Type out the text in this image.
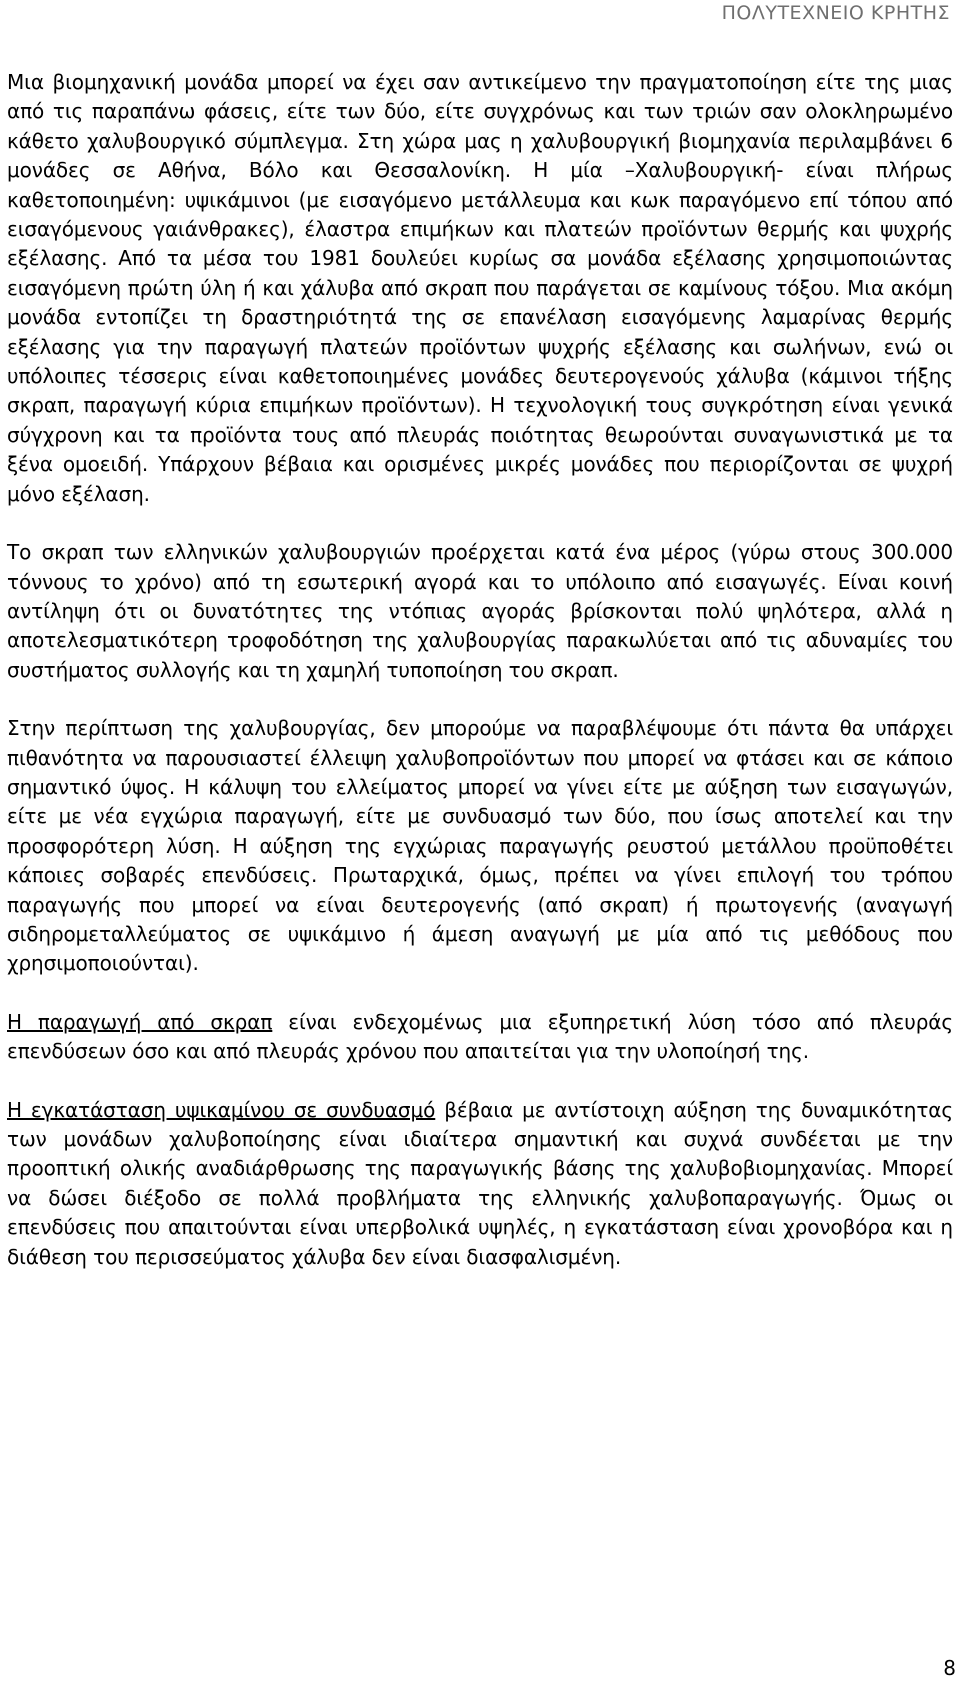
ΠΟΛΥΤΕΧΝΕΙΟ ΚΡΗΤΗΣ

Μια βιομηχανική μονάδα μπορεί να έχει σαν αντικείμενο την πραγματοποίηση είτε της μιας από τις παραπάνω φάσεις, είτε των δύο, είτε συγχρόνως και των τριών σαν ολοκληρωμένο κάθετο χαλυβουργικό σύμπλεγμα. Στη χώρα μας η χαλυβουργική βιομηχανία περιλαμβάνει 6 μονάδες σε Αθήνα, Βόλο και Θεσσαλονίκη. Η μία –Χαλυβουργική- είναι πλήρως καθετοποιημένη: υψικάμινοι (με εισαγόμενο μετάλλευμα και κωκ παραγόμενο επί τόπου από εισαγόμενους γαιάνθρακες), έλαστρα επιμήκων και πλατεών προϊόντων θερμής και ψυχρής εξέλασης. Από τα μέσα του 1981 δουλεύει κυρίως σα μονάδα εξέλασης χρησιμοποιώντας εισαγόμενη πρώτη ύλη ή και χάλυβα από σκραπ που παράγεται σε καμίνους τόξου. Μια ακόμη μονάδα εντοπίζει τη δραστηριότητά της σε επανέλαση εισαγόμενης λαμαρίνας θερμής εξέλασης για την παραγωγή πλατεών προϊόντων ψυχρής εξέλασης και σωλήνων, ενώ οι υπόλοιπες τέσσερις είναι καθετοποιημένες μονάδες δευτερογενούς χάλυβα (κάμινοι τήξης σκραπ, παραγωγή κύρια επιμήκων προϊόντων). Η τεχνολογική τους συγκρότηση είναι γενικά σύγχρονη και τα προϊόντα τους από πλευράς ποιότητας θεωρούνται συναγωνιστικά με τα ξένα ομοειδή. Υπάρχουν βέβαια και ορισμένες μικρές μονάδες που περιορίζονται σε ψυχρή μόνο εξέλαση.

Το σκραπ των ελληνικών χαλυβουργιών προέρχεται κατά ένα μέρος (γύρω στους 300.000 τόννους το χρόνο) από τη εσωτερική αγορά και το υπόλοιπο από εισαγωγές. Είναι κοινή αντίληψη ότι οι δυνατότητες της ντόπιας αγοράς βρίσκονται πολύ ψηλότερα, αλλά η αποτελεσματικότερη τροφοδότηση της χαλυβουργίας παρακωλύεται από τις αδυναμίες του συστήματος συλλογής και τη χαμηλή τυποποίηση του σκραπ.

Στην περίπτωση της χαλυβουργίας, δεν μπορούμε να παραβλέψουμε ότι πάντα θα υπάρχει πιθανότητα να παρουσιαστεί έλλειψη χαλυβοπροϊόντων που μπορεί να φτάσει και σε κάποιο σημαντικό ύψος. Η κάλυψη του ελλείματος μπορεί να γίνει είτε με αύξηση των εισαγωγών, είτε με νέα εγχώρια παραγωγή, είτε με συνδυασμό των δύο, που ίσως αποτελεί και την προσφορότερη λύση. Η αύξηση της εγχώριας παραγωγής ρευστού μετάλλου προϋποθέτει κάποιες σοβαρές επενδύσεις. Πρωταρχικά, όμως, πρέπει να γίνει επιλογή του τρόπου παραγωγής που μπορεί να είναι δευτερογενής (από σκραπ) ή πρωτογενής (αναγωγή σιδηρομεταλλεύματος σε υψικάμινο ή άμεση αναγωγή με μία από τις μεθόδους που χρησιμοποιούνται).

Η παραγωγή από σκραπ είναι ενδεχομένως μια εξυπηρετική λύση τόσο από πλευράς επενδύσεων όσο και από πλευράς χρόνου που απαιτείται για την υλοποίησή της.

Η εγκατάσταση υψικαμίνου σε συνδυασμό βέβαια με αντίστοιχη αύξηση της δυναμικότητας των μονάδων χαλυβοποίησης είναι ιδιαίτερα σημαντική και συχνά συνδέεται με την προοπτική ολικής αναδιάρθρωσης της παραγωγικής βάσης της χαλυβοβιομηχανίας. Μπορεί να δώσει διέξοδο σε πολλά προβλήματα της ελληνικής χαλυβοπαραγωγής. Όμως οι επενδύσεις που απαιτούνται είναι υπερβολικά υψηλές, η εγκατάσταση είναι χρονοβόρα και η διάθεση του περισσεύματος χάλυβα δεν είναι διασφαλισμένη.

8
